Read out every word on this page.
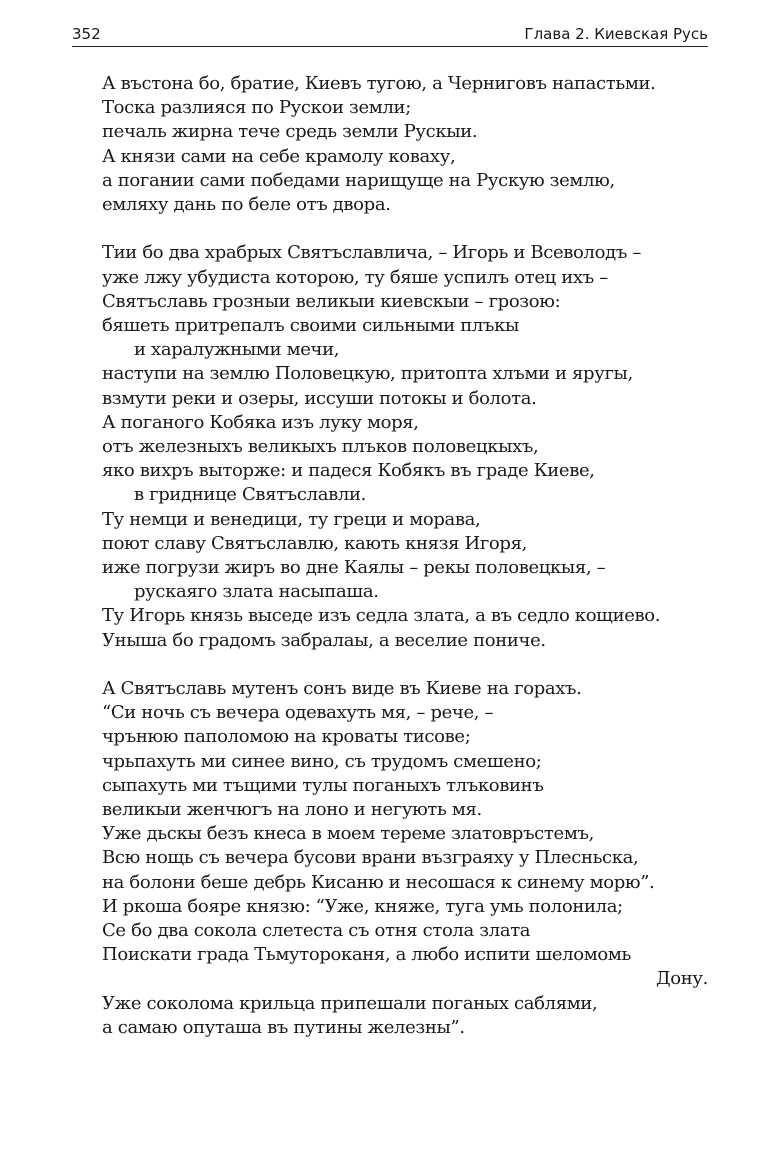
352	Глава 2. Киевская Русь
А въстона бо, братие, Киевъ тугою, а Черниговъ напастьми.
Тоска разлияся по Рускои земли;
печаль жирна тече средь земли Рускыи.
А князи сами на себе крамолу коваху,
а погании сами победами нарищуще на Рускую землю,
емляху дань по беле отъ двора.
Тии бо два храбрых Святъславлича, – Игорь и Всеволодъ –
уже лжу убудиста которою, ту бяше успилъ отец ихъ –
Святъславь грозныи великыи киевскыи – грозою:
бяшеть притрепалъ своими сильными плъкы
и харалужными мечи,
наступи на землю Половецкую, притопта хлъми и яругы,
взмути реки и озеры, иссуши потокы и болота.
А поганого Кобяка изъ луку моря,
отъ железныхъ великыхъ плъков половецкыхъ,
яко вихръ выторже: и падеся Кобякъ въ граде Киеве,
в гриднице Святъславли.
Ту немци и венедици, ту греци и морава,
поют славу Святъславлю, кають князя Игоря,
иже погрузи жиръ во дне Каялы – рекы половецкыя, –
рускаяго злата насыпаша.
Ту Игорь князь выседе изъ седла злата, а въ седло кощиево.
Уныша бо градомъ забралаы, а веселие пониче.
А Святъславь мутенъ сонъ виде въ Киеве на горахъ.
“Си ночь съ вечера одевахуть мя, – рече, –
чрънюю паполомою на кроваты тисове;
чрьпахуть ми синее вино, съ трудомъ смешено;
сыпахуть ми тъщими тулы поганыхъ тлъковинъ
великыи женчюгъ на лоно и негують мя.
Уже дьскы безъ кнеса в моем тереме златовръстемъ,
Всю нощь съ вечера бусови врани възграяху у Плесньска,
на болони беше дебрь Кисаню и несошася к синему морю”.
И ркоша бояре князю: “Уже, княже, туга умь полонила;
Се бо два сокола слетеста съ отня стола злата
Поискати града Тьмутороканя, а любо испити шеломомь
Дону.
Уже соколома крильца припешали поганых саблями,
а самаю опуташа въ путины железны”.
